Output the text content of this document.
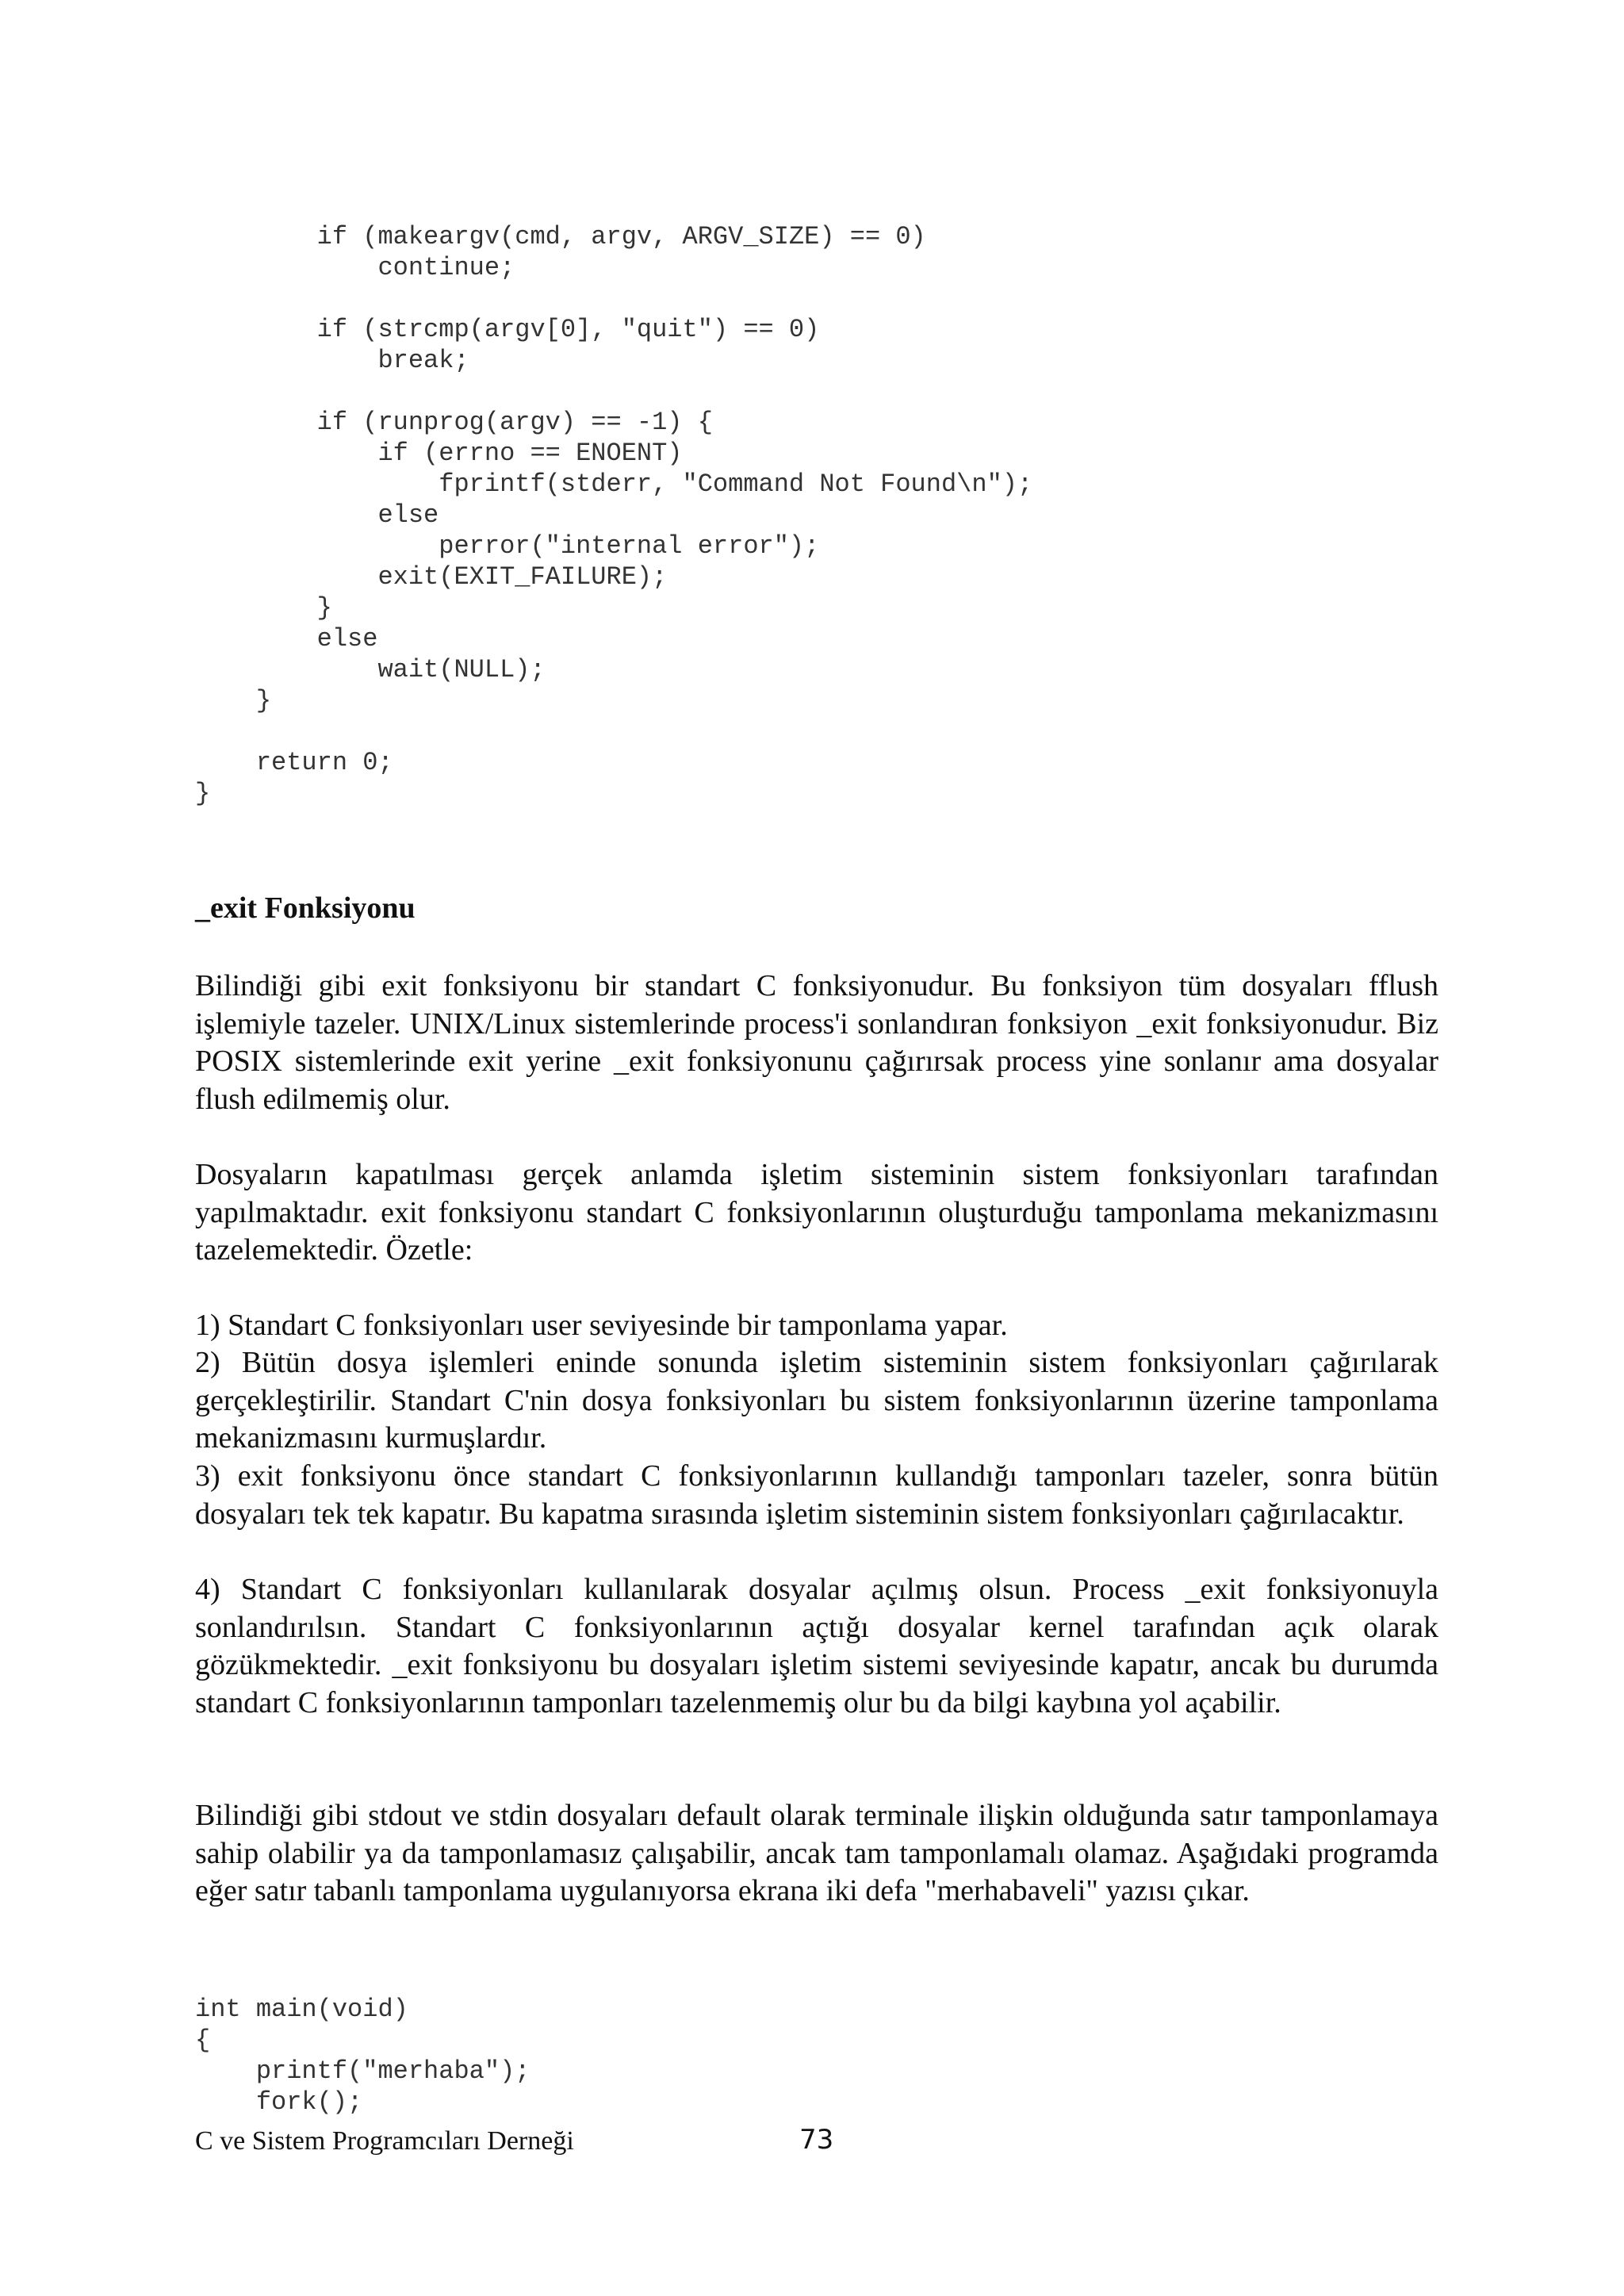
if (makeargv(cmd, argv, ARGV_SIZE) == 0)
continue;

if (strcmp(argv[0], "quit") == 0)
break;

if (runprog(argv) == -1) {
if (errno == ENOENT)
fprintf(stderr, "Command Not Found\n");
else
perror("internal error");
exit(EXIT_FAILURE);
}
else
wait(NULL);
}

return 0;
}
_exit Fonksiyonu

Bilindiği gibi exit fonksiyonu bir standart C fonksiyonudur. Bu fonksiyon tüm dosyaları fflush işlemiyle tazeler. UNIX/Linux sistemlerinde process'i sonlandıran fonksiyon _exit fonksiyonudur. Biz POSIX sistemlerinde exit yerine _exit fonksiyonunu çağırırsak process yine sonlanır ama dosyalar flush edilmemiş olur.

Dosyaların kapatılması gerçek anlamda işletim sisteminin sistem fonksiyonları tarafından yapılmaktadır. exit fonksiyonu standart C fonksiyonlarının oluşturduğu tamponlama mekanizmasını tazelemektedir. Özetle:

1) Standart C fonksiyonları user seviyesinde bir tamponlama yapar.

2) Bütün dosya işlemleri eninde sonunda işletim sisteminin sistem fonksiyonları çağırılarak gerçekleştirilir. Standart C'nin dosya fonksiyonları bu sistem fonksiyonlarının üzerine tamponlama mekanizmasını kurmuşlardır.

3) exit fonksiyonu önce standart C fonksiyonlarının kullandığı tamponları tazeler, sonra bütün dosyaları tek tek kapatır. Bu kapatma sırasında işletim sisteminin sistem fonksiyonları çağırılacaktır.

4) Standart C fonksiyonları kullanılarak dosyalar açılmış olsun. Process _exit fonksiyonuyla sonlandırılsın. Standart C fonksiyonlarının açtığı dosyalar kernel tarafından açık olarak gözükmektedir. _exit fonksiyonu bu dosyaları işletim sistemi seviyesinde kapatır, ancak bu durumda standart C fonksiyonlarının tamponları tazelenmemiş olur bu da bilgi kaybına yol açabilir.

Bilindiği gibi stdout ve stdin dosyaları default olarak terminale ilişkin olduğunda satır tamponlamaya sahip olabilir ya da tamponlamasız çalışabilir, ancak tam tamponlamalı olamaz. Aşağıdaki programda eğer satır tabanlı tamponlama uygulanıyorsa ekrana iki defa "merhabaveli" yazısı çıkar.

int main(void)
{
printf("merhaba");
fork();
C ve Sistem Programcıları Derneği	73
